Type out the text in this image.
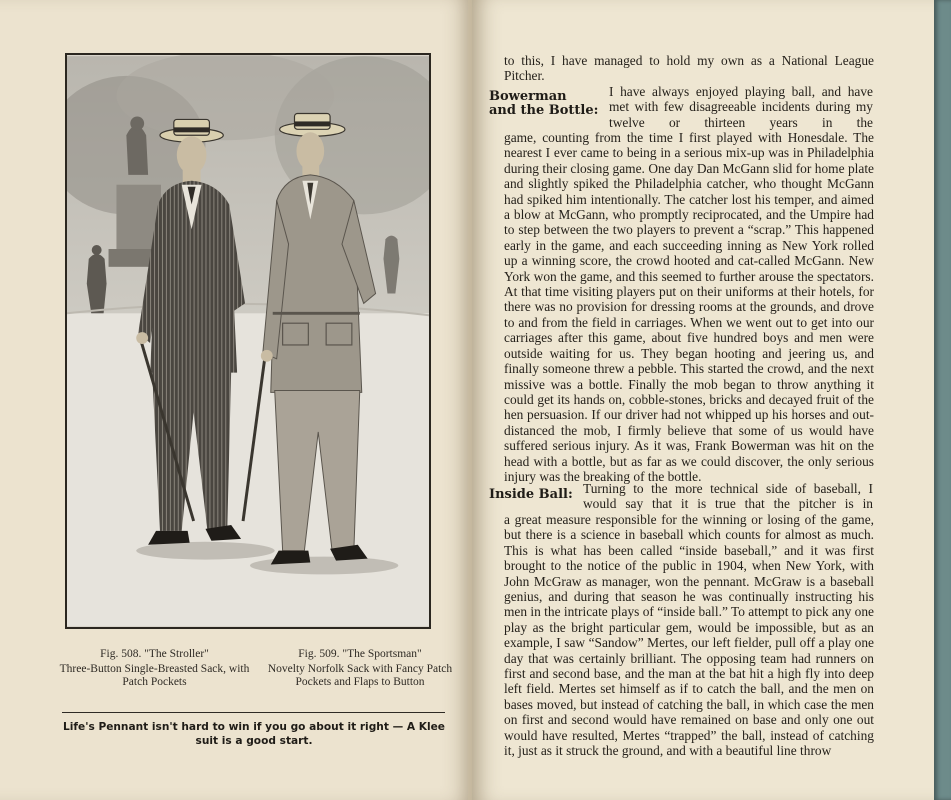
Fig. 508. "The Stroller"
Three-Button Single-Breasted Sack, with Patch Pockets
Fig. 509. "The Sportsman"
Novelty Norfolk Sack with Fancy Patch Pockets and Flaps to Button
Life's Pennant isn't hard to win if you go about it right — A Klee suit is a good start.
to this, I have managed to hold my own as a National League Pitcher.
Bowerman
and the Bottle:
I have always enjoyed playing ball, and have met with few disagreeable incidents during my twelve or thirteen years in the
game, counting from the time I first played with Honesdale. The nearest I ever came to being in a serious mix-up was in Philadelphia during their closing game. One day Dan McGann slid for home plate and slightly spiked the Philadelphia catcher, who thought McGann had spiked him intentionally. The catcher lost his temper, and aimed a blow at McGann, who promptly reciprocated, and the Umpire had to step between the two players to prevent a “scrap.” This happened early in the game, and each succeeding inning as New York rolled up a winning score, the crowd hooted and cat-called McGann. New York won the game, and this seemed to further arouse the spectators. At that time visiting players put on their uniforms at their hotels, for there was no provision for dressing rooms at the grounds, and drove to and from the field in carriages. When we went out to get into our carriages after this game, about five hundred boys and men were outside waiting for us. They began hooting and jeering us, and finally someone threw a pebble. This started the crowd, and the next missive was a bottle. Finally the mob began to throw anything it could get its hands on, cobble-stones, bricks and decayed fruit of the hen persuasion. If our driver had not whipped up his horses and out-distanced the mob, I firmly believe that some of us would have suffered serious injury. As it was, Frank Bowerman was hit on the head with a bottle, but as far as we could discover, the only serious injury was the breaking of the bottle.
Inside Ball: Turning to the more technical side of baseball, I would say that it is true that the pitcher is in
a great measure responsible for the winning or losing of the game, but there is a science in baseball which counts for almost as much. This is what has been called “inside baseball,” and it was first brought to the notice of the public in 1904, when New York, with John McGraw as manager, won the pennant. McGraw is a baseball genius, and during that season he was continually instructing his men in the intricate plays of “inside ball.” To attempt to pick any one play as the bright particular gem, would be impossible, but as an example, I saw “Sandow” Mertes, our left fielder, pull off a play one day that was certainly brilliant. The opposing team had runners on first and second base, and the man at the bat hit a high fly into deep left field. Mertes set himself as if to catch the ball, and the men on bases moved, but instead of catching the ball, in which case the men on first and second would have remained on base and only one out would have resulted, Mertes “trapped” the ball, instead of catching it, just as it struck the ground, and with a beautiful line throw
